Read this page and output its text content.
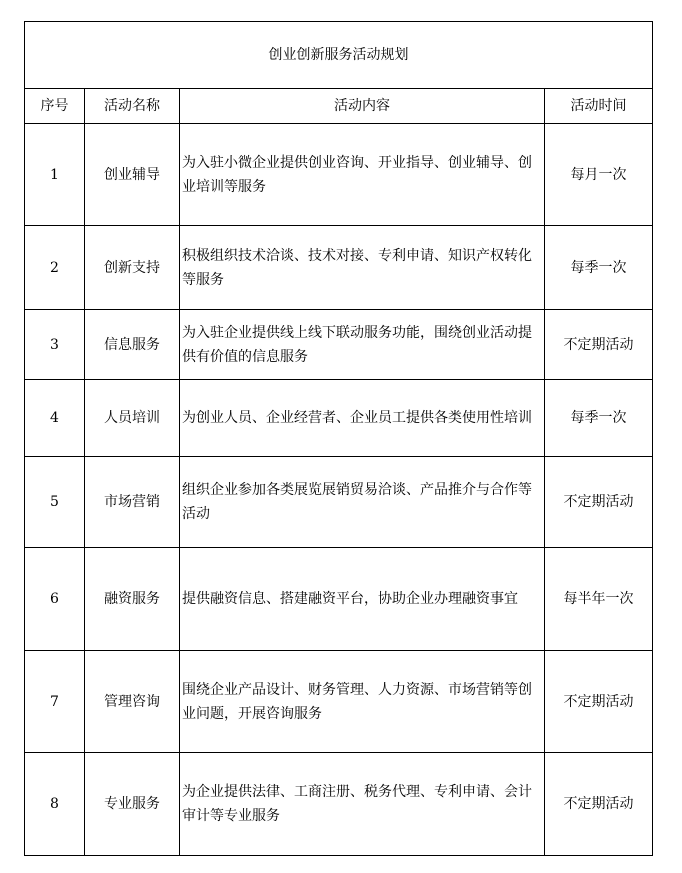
创业创新服务活动规划			
序号	活动名称	活动内容	活动时间
1	创业辅导	为入驻小微企业提供创业咨询、开业指导、创业辅导、创业培训等服务	每月一次
2	创新支持	积极组织技术洽谈、技术对接、专利申请、知识产权转化等服务	每季一次
3	信息服务	为入驻企业提供线上线下联动服务功能，围绕创业活动提供有价值的信息服务	不定期活动
4	人员培训	为创业人员、企业经营者、企业员工提供各类使用性培训	每季一次
5	市场营销	组织企业参加各类展览展销贸易洽谈、产品推介与合作等活动	不定期活动
6	融资服务	提供融资信息、搭建融资平台，协助企业办理融资事宜	每半年一次
7	管理咨询	围绕企业产品设计、财务管理、人力资源、市场营销等创业问题，开展咨询服务	不定期活动
8	专业服务	为企业提供法律、工商注册、税务代理、专利申请、会计审计等专业服务	不定期活动
